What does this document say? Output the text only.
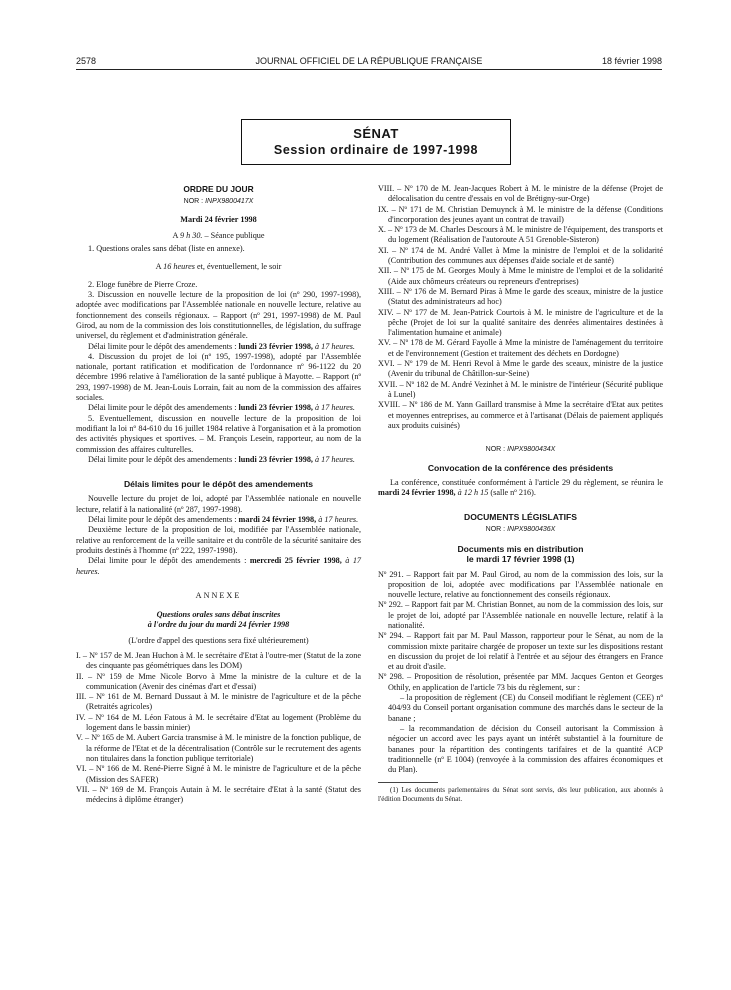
2578	JOURNAL OFFICIEL DE LA RÉPUBLIQUE FRANÇAISE	18 février 1998
SÉNAT
Session ordinaire de 1997-1998
ORDRE DU JOUR
NOR : INPX9800417X
Mardi 24 février 1998
A 9 h 30. – Séance publique

1. Questions orales sans débat (liste en annexe).

A 16 heures et, éventuellement, le soir

2. Eloge funèbre de Pierre Croze.

3. Discussion en nouvelle lecture de la proposition de loi (nº 290, 1997-1998), adoptée avec modifications par l'Assemblée nationale en nouvelle lecture, relative au fonctionnement des conseils régionaux. – Rapport (nº 291, 1997-1998) de M. Paul Girod, au nom de la commission des lois constitutionnelles, de législation, du suffrage universel, du règlement et d'administration générale.

Délai limite pour le dépôt des amendements : lundi 23 février 1998, à 17 heures.

4. Discussion du projet de loi (nº 195, 1997-1998), adopté par l'Assemblée nationale, portant ratification et modification de l'ordonnance nº 96-1122 du 20 décembre 1996 relative à l'amélioration de la santé publique à Mayotte. – Rapport (nº 293, 1997-1998) de M. Jean-Louis Lorrain, fait au nom de la commission des affaires sociales.

Délai limite pour le dépôt des amendements : lundi 23 février 1998, à 17 heures.

5. Eventuellement, discussion en nouvelle lecture de la proposition de loi modifiant la loi nº 84-610 du 16 juillet 1984 relative à l'organisation et à la promotion des activités physiques et sportives. – M. François Lesein, rapporteur, au nom de la commission des affaires culturelles.

Délai limite pour le dépôt des amendements : lundi 23 février 1998, à 17 heures.

Délais limites pour le dépôt des amendements

Nouvelle lecture du projet de loi, adopté par l'Assemblée nationale en nouvelle lecture, relatif à la nationalité (nº 287, 1997-1998).

Délai limite pour le dépôt des amendements : mardi 24 février 1998, à 17 heures.

Deuxième lecture de la proposition de loi, modifiée par l'Assemblée nationale, relative au renforcement de la veille sanitaire et du contrôle de la sécurité sanitaire des produits destinés à l'homme (nº 222, 1997-1998).

Délai limite pour le dépôt des amendements : mercredi 25 février 1998, à 17 heures.

ANNEXE
Questions orales sans débat inscrites
à l'ordre du jour du mardi 24 février 1998
(L'ordre d'appel des questions sera fixé ultérieurement)

I. – Nº 157 de M. Jean Huchon à M. le secrétaire d'Etat à l'outre-mer (Statut de la zone des cinquante pas géométriques dans les DOM)

II. – Nº 159 de Mme Nicole Borvo à Mme la ministre de la culture et de la communication (Avenir des cinémas d'art et d'essai)

III. – Nº 161 de M. Bernard Dussaut à M. le ministre de l'agriculture et de la pêche (Retraités agricoles)

IV. – Nº 164 de M. Léon Fatous à M. le secrétaire d'Etat au logement (Problème du logement dans le bassin minier)

V. – Nº 165 de M. Aubert Garcia transmise à M. le ministre de la fonction publique, de la réforme de l'Etat et de la décentralisation (Contrôle sur le recrutement des agents non titulaires dans la fonction publique territoriale)

VI. – Nº 166 de M. René-Pierre Signé à M. le ministre de l'agriculture et de la pêche (Mission des SAFER)

VII. – Nº 169 de M. François Autain à M. le secrétaire d'Etat à la santé (Statut des médecins à diplôme étranger)

VIII. – Nº 170 de M. Jean-Jacques Robert à M. le ministre de la défense (Projet de délocalisation du centre d'essais en vol de Brétigny-sur-Orge)

IX. – Nº 171 de M. Christian Demuynck à M. le ministre de la défense (Conditions d'incorporation des jeunes ayant un contrat de travail)

X. – Nº 173 de M. Charles Descours à M. le ministre de l'équipement, des transports et du logement (Réalisation de l'autoroute A 51 Grenoble-Sisteron)

XI. – Nº 174 de M. André Vallet à Mme la ministre de l'emploi et de la solidarité (Contribution des communes aux dépenses d'aide sociale et de santé)

XII. – Nº 175 de M. Georges Mouly à Mme le ministre de l'emploi et de la solidarité (Aide aux chômeurs créateurs ou repreneurs d'entreprises)

XIII. – Nº 176 de M. Bernard Piras à Mme le garde des sceaux, ministre de la justice (Statut des administrateurs ad hoc)

XIV. – Nº 177 de M. Jean-Patrick Courtois à M. le ministre de l'agriculture et de la pêche (Projet de loi sur la qualité sanitaire des denrées alimentaires destinées à l'alimentation humaine et animale)

XV. – Nº 178 de M. Gérard Fayolle à Mme la ministre de l'aménagement du territoire et de l'environnement (Gestion et traitement des déchets en Dordogne)

XVI. – Nº 179 de M. Henri Revol à Mme le garde des sceaux, ministre de la justice (Avenir du tribunal de Châtillon-sur-Seine)

XVII. – Nº 182 de M. André Vezinhet à M. le ministre de l'intérieur (Sécurité publique à Lunel)

XVIII. – Nº 186 de M. Yann Gaillard transmise à Mme la secrétaire d'Etat aux petites et moyennes entreprises, au commerce et à l'artisanat (Délais de paiement appliqués aux produits cuisinés)

NOR : INPX9800434X
Convocation de la conférence des présidents

La conférence, constituée conformément à l'article 29 du règlement, se réunira le mardi 24 février 1998, à 12 h 15 (salle nº 216).

DOCUMENTS LÉGISLATIFS
NOR : INPX9800436X
Documents mis en distribution
le mardi 17 février 1998 (1)

Nº 291. – Rapport fait par M. Paul Girod, au nom de la commission des lois, sur la proposition de loi, adoptée avec modifications par l'Assemblée nationale en nouvelle lecture, relative au fonctionnement des conseils régionaux.

Nº 292. – Rapport fait par M. Christian Bonnet, au nom de la commission des lois, sur le projet de loi, adopté par l'Assemblée nationale en nouvelle lecture, relatif à la nationalité.

Nº 294. – Rapport fait par M. Paul Masson, rapporteur pour le Sénat, au nom de la commission mixte paritaire chargée de proposer un texte sur les dispositions restant en discussion du projet de loi relatif à l'entrée et au séjour des étrangers en France et au droit d'asile.

Nº 298. – Proposition de résolution, présentée par MM. Jacques Genton et Georges Othily, en application de l'article 73 bis du règlement, sur :

– la proposition de règlement (CE) du Conseil modifiant le règlement (CEE) nº 404/93 du Conseil portant organisation commune des marchés dans le secteur de la banane ;

– la recommandation de décision du Conseil autorisant la Commission à négocier un accord avec les pays ayant un intérêt substantiel à la fourniture de bananes pour la répartition des contingents tarifaires et de la quantité ACP traditionnelle (nº E 1004) (renvoyée à la commission des affaires économiques et du Plan).

(1) Les documents parlementaires du Sénat sont servis, dès leur publication, aux abonnés à l'édition Documents du Sénat.
